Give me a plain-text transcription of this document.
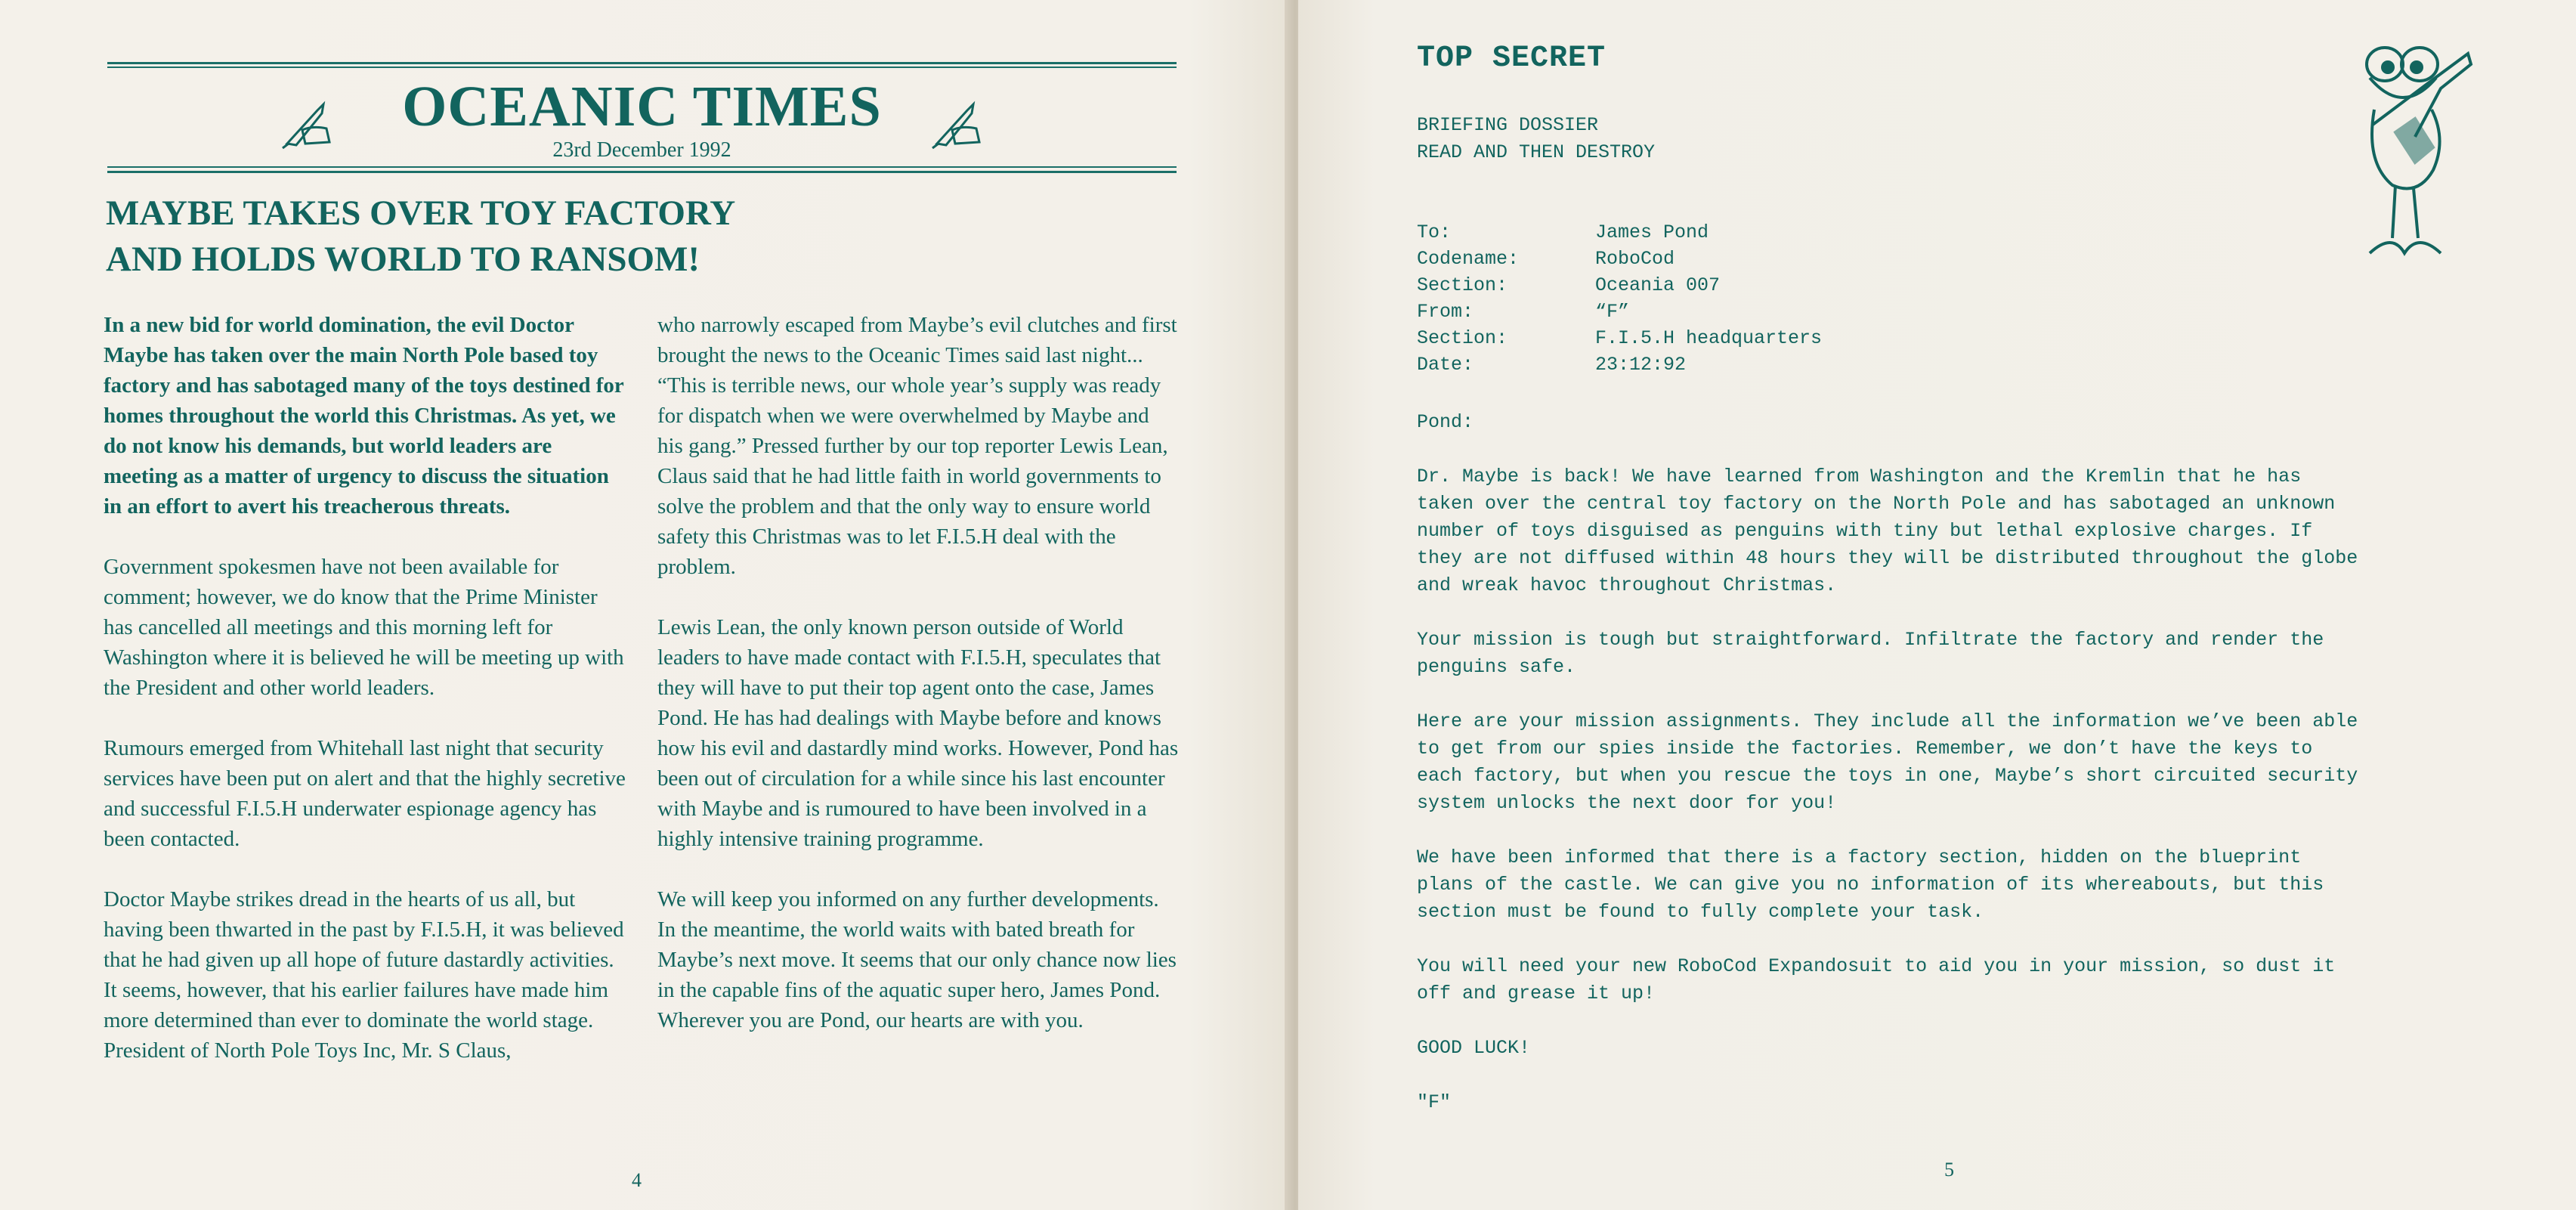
OCEANIC TIMES
23rd December 1992
MAYBE TAKES OVER TOY FACTORY
AND HOLDS WORLD TO RANSOM!

In a new bid for world domination, the evil Doctor Maybe has taken over the main North Pole based toy factory and has sabotaged many of the toys destined for homes throughout the world this Christmas. As yet, we do not know his demands, but world leaders are meeting as a matter of urgency to discuss the situation in an effort to avert his treacherous threats.

Government spokesmen have not been available for comment; however, we do know that the Prime Minister has cancelled all meetings and this morning left for Washington where it is believed he will be meeting up with the President and other world leaders.

Rumours emerged from Whitehall last night that security services have been put on alert and that the highly secretive and successful F.I.5.H underwater espionage agency has been contacted.

Doctor Maybe strikes dread in the hearts of us all, but having been thwarted in the past by F.I.5.H, it was believed that he had given up all hope of future dastardly activities. It seems, however, that his earlier failures have made him more determined than ever to dominate the world stage. President of North Pole Toys Inc, Mr. S Claus,

who narrowly escaped from Maybe’s evil clutches and first brought the news to the Oceanic Times said last night... “This is terrible news, our whole year’s supply was ready for dispatch when we were overwhelmed by Maybe and his gang.” Pressed further by our top reporter Lewis Lean, Claus said that he had little faith in world governments to solve the problem and that the only way to ensure world safety this Christmas was to let F.I.5.H deal with the problem.

Lewis Lean, the only known person outside of World leaders to have made contact with F.I.5.H, speculates that they will have to put their top agent onto the case, James Pond. He has had dealings with Maybe before and knows how his evil and dastardly mind works. However, Pond has been out of circulation for a while since his last encounter with Maybe and is rumoured to have been involved in a highly intensive training programme.

We will keep you informed on any further developments. In the meantime, the world waits with bated breath for Maybe’s next move. It seems that our only chance now lies in the capable fins of the aquatic super hero, James Pond. Wherever you are Pond, our hearts are with you.

4
TOP SECRET
BRIEFING DOSSIER
READ AND THEN DESTROY
To:	James Pond
Codename:	RoboCod
Section:	Oceania 007
From:	“F”
Section:	F.I.5.H headquarters
Date:	23:12:92

Pond:

Dr. Maybe is back! We have learned from Washington and the Kremlin that he has
taken over the central toy factory on the North Pole and has sabotaged an unknown
number of toys disguised as penguins with tiny but lethal explosive charges. If
they are not diffused within 48 hours they will be distributed throughout the globe
and wreak havoc throughout Christmas.

Your mission is tough but straightforward. Infiltrate the factory and render the
penguins safe.

Here are your mission assignments. They include all the information we’ve been able
to get from our spies inside the factories. Remember, we don’t have the keys to
each factory, but when you rescue the toys in one, Maybe’s short circuited security
system unlocks the next door for you!

We have been informed that there is a factory section, hidden on the blueprint
plans of the castle. We can give you no information of its whereabouts, but this
section must be found to fully complete your task.

You will need your new RoboCod Expandosuit to aid you in your mission, so dust it
off and grease it up!

GOOD LUCK!

"F"

5
